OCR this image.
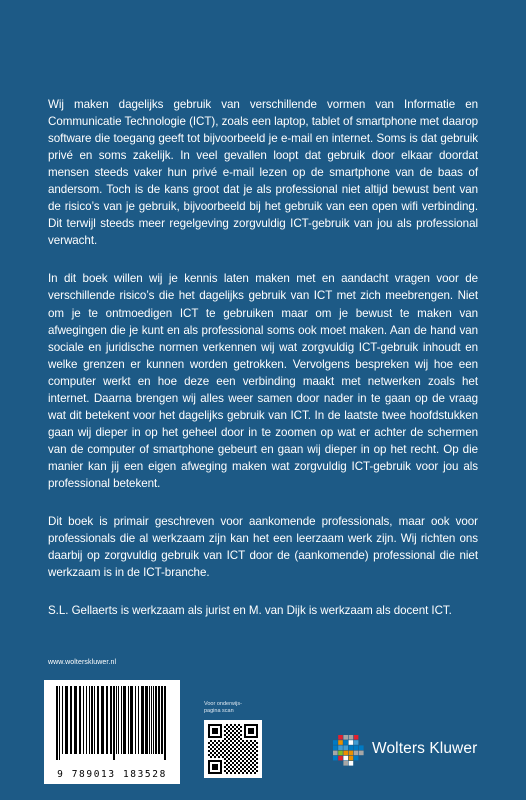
Wij maken dagelijks gebruik van verschillende vormen van Informatie en Communicatie Technologie (ICT), zoals een laptop, tablet of smartphone met daarop software die toegang geeft tot bijvoorbeeld je e-mail en internet. Soms is dat gebruik privé en soms zakelijk. In veel gevallen loopt dat gebruik door elkaar doordat mensen steeds vaker hun privé e-mail lezen op de smartphone van de baas of andersom. Toch is de kans groot dat je als professional niet altijd bewust bent van de risico’s van je gebruik, bijvoorbeeld bij het gebruik van een open wifi verbinding. Dit terwijl steeds meer regelgeving zorgvuldig ICT-gebruik van jou als professional verwacht.

In dit boek willen wij je kennis laten maken met en aandacht vragen voor de verschillende risico’s die het dagelijks gebruik van ICT met zich meebrengen. Niet om je te ontmoedigen ICT te gebruiken maar om je bewust te maken van afwegingen die je kunt en als professional soms ook moet maken. Aan de hand van sociale en juridische normen verkennen wij wat zorgvuldig ICT-gebruik inhoudt en welke grenzen er kunnen worden getrokken. Vervolgens bespreken wij hoe een computer werkt en hoe deze een verbinding maakt met netwerken zoals het internet. Daarna brengen wij alles weer samen door nader in te gaan op de vraag wat dit betekent voor het dagelijks gebruik van ICT. In de laatste twee hoofdstukken gaan wij dieper in op het geheel door in te zoomen op wat er achter de schermen van de computer of smartphone gebeurt en gaan wij dieper in op het recht. Op die manier kan jij een eigen afweging maken wat zorgvuldig ICT-gebruik voor jou als professional betekent.

Dit boek is primair geschreven voor aankomende professionals, maar ook voor professionals die al werkzaam zijn kan het een leerzaam werk zijn. Wij richten ons daarbij op zorgvuldig gebruik van ICT door de (aankomende) professional die niet werkzaam is in de ICT-branche.

S.L. Gellaerts is werkzaam als jurist en M. van Dijk is werkzaam als docent ICT.

www.wolterskluwer.nl
9 789013 183528
Voor onderwijs-
pagina scan
Wolters Kluwer
